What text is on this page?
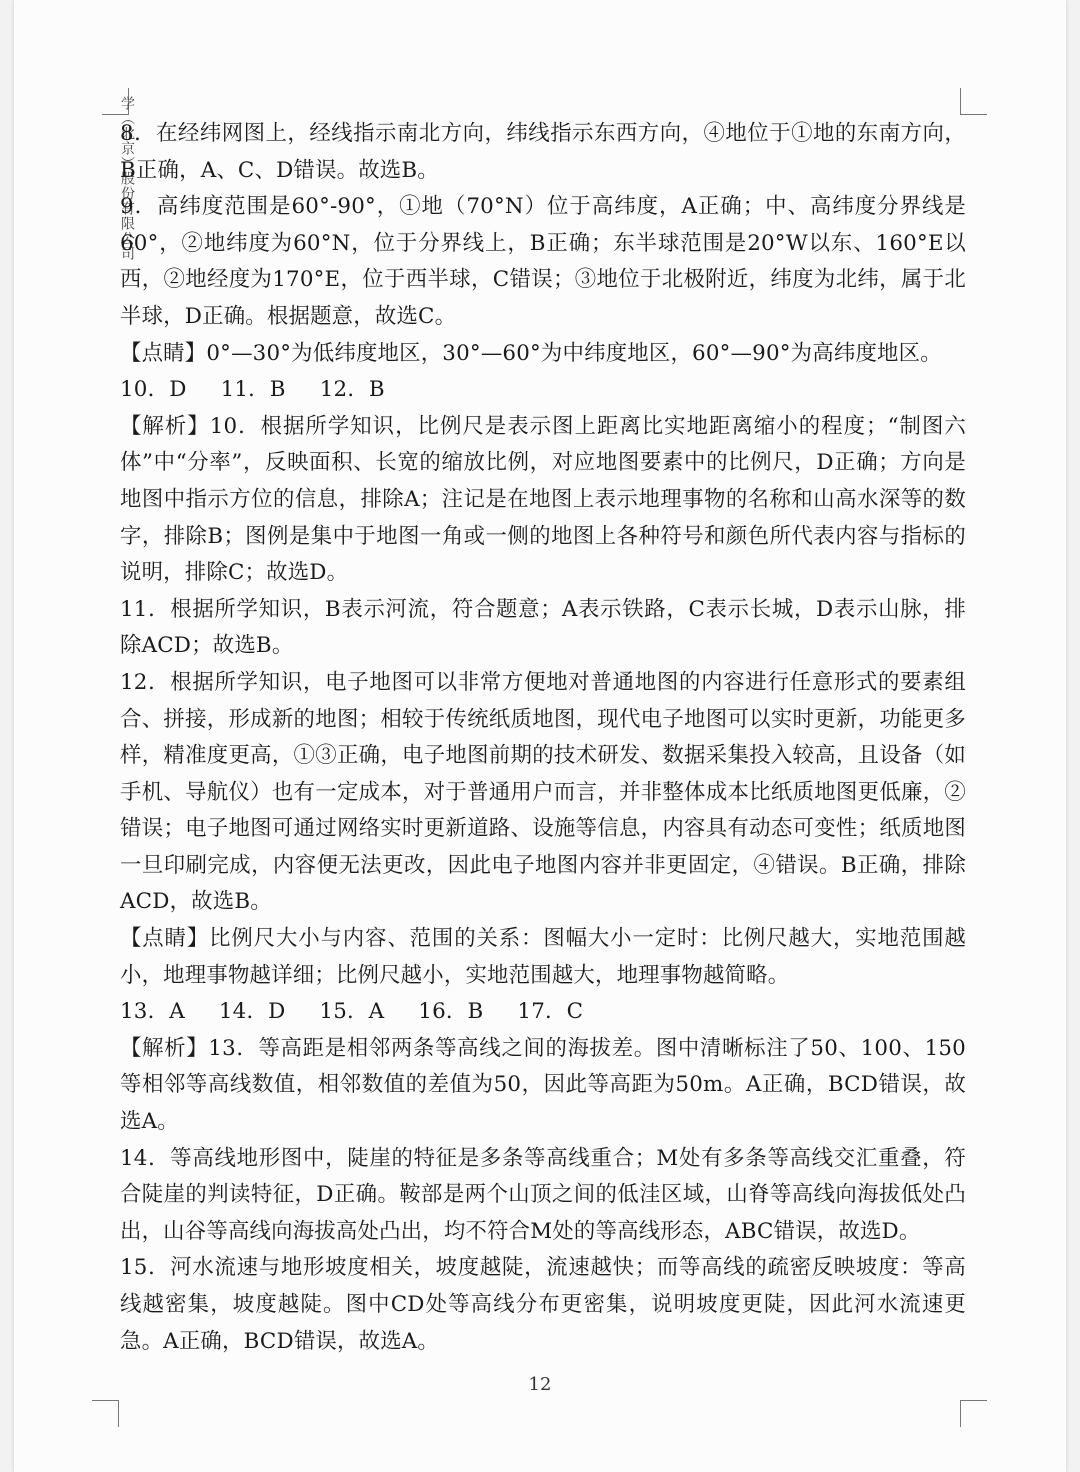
学（北京）股份有限公司

8．在经纬网图上，经线指示南北方向，纬线指示东西方向，④地位于①地的东南方向，B正确，A、C、D错误。故选B。

9．高纬度范围是60°-90°，①地（70°N）位于高纬度，A正确；中、高纬度分界线是60°，②地纬度为60°N，位于分界线上，B正确；东半球范围是20°W以东、160°E以西，②地经度为170°E，位于西半球，C错误；③地位于北极附近，纬度为北纬，属于北半球，D正确。根据题意，故选C。

【点睛】0°—30°为低纬度地区，30°—60°为中纬度地区，60°—90°为高纬度地区。

10．D 11．B 12．B

【解析】10．根据所学知识，比例尺是表示图上距离比实地距离缩小的程度；“制图六体”中“分率”，反映面积、长宽的缩放比例，对应地图要素中的比例尺，D正确；方向是地图中指示方位的信息，排除A；注记是在地图上表示地理事物的名称和山高水深等的数字，排除B；图例是集中于地图一角或一侧的地图上各种符号和颜色所代表内容与指标的说明，排除C；故选D。

11．根据所学知识，B表示河流，符合题意；A表示铁路，C表示长城，D表示山脉，排除ACD；故选B。

12．根据所学知识，电子地图可以非常方便地对普通地图的内容进行任意形式的要素组合、拼接，形成新的地图；相较于传统纸质地图，现代电子地图可以实时更新，功能更多样，精准度更高，①③正确，电子地图前期的技术研发、数据采集投入较高，且设备（如手机、导航仪）也有一定成本，对于普通用户而言，并非整体成本比纸质地图更低廉，②错误；电子地图可通过网络实时更新道路、设施等信息，内容具有动态可变性；纸质地图一旦印刷完成，内容便无法更改，因此电子地图内容并非更固定，④错误。B正确，排除ACD，故选B。

【点睛】比例尺大小与内容、范围的关系：图幅大小一定时：比例尺越大，实地范围越小，地理事物越详细；比例尺越小，实地范围越大，地理事物越简略。

13．A 14．D 15．A 16．B 17．C

【解析】13．等高距是相邻两条等高线之间的海拔差。图中清晰标注了50、100、150等相邻等高线数值，相邻数值的差值为50，因此等高距为50m。A正确，BCD错误，故选A。

14．等高线地形图中，陡崖的特征是多条等高线重合；M处有多条等高线交汇重叠，符合陡崖的判读特征，D正确。鞍部是两个山顶之间的低洼区域，山脊等高线向海拔低处凸出，山谷等高线向海拔高处凸出，均不符合M处的等高线形态，ABC错误，故选D。

15．河水流速与地形坡度相关，坡度越陡，流速越快；而等高线的疏密反映坡度：等高线越密集，坡度越陡。图中CD处等高线分布更密集，说明坡度更陡，因此河水流速更急。A正确，BCD错误，故选A。

12
